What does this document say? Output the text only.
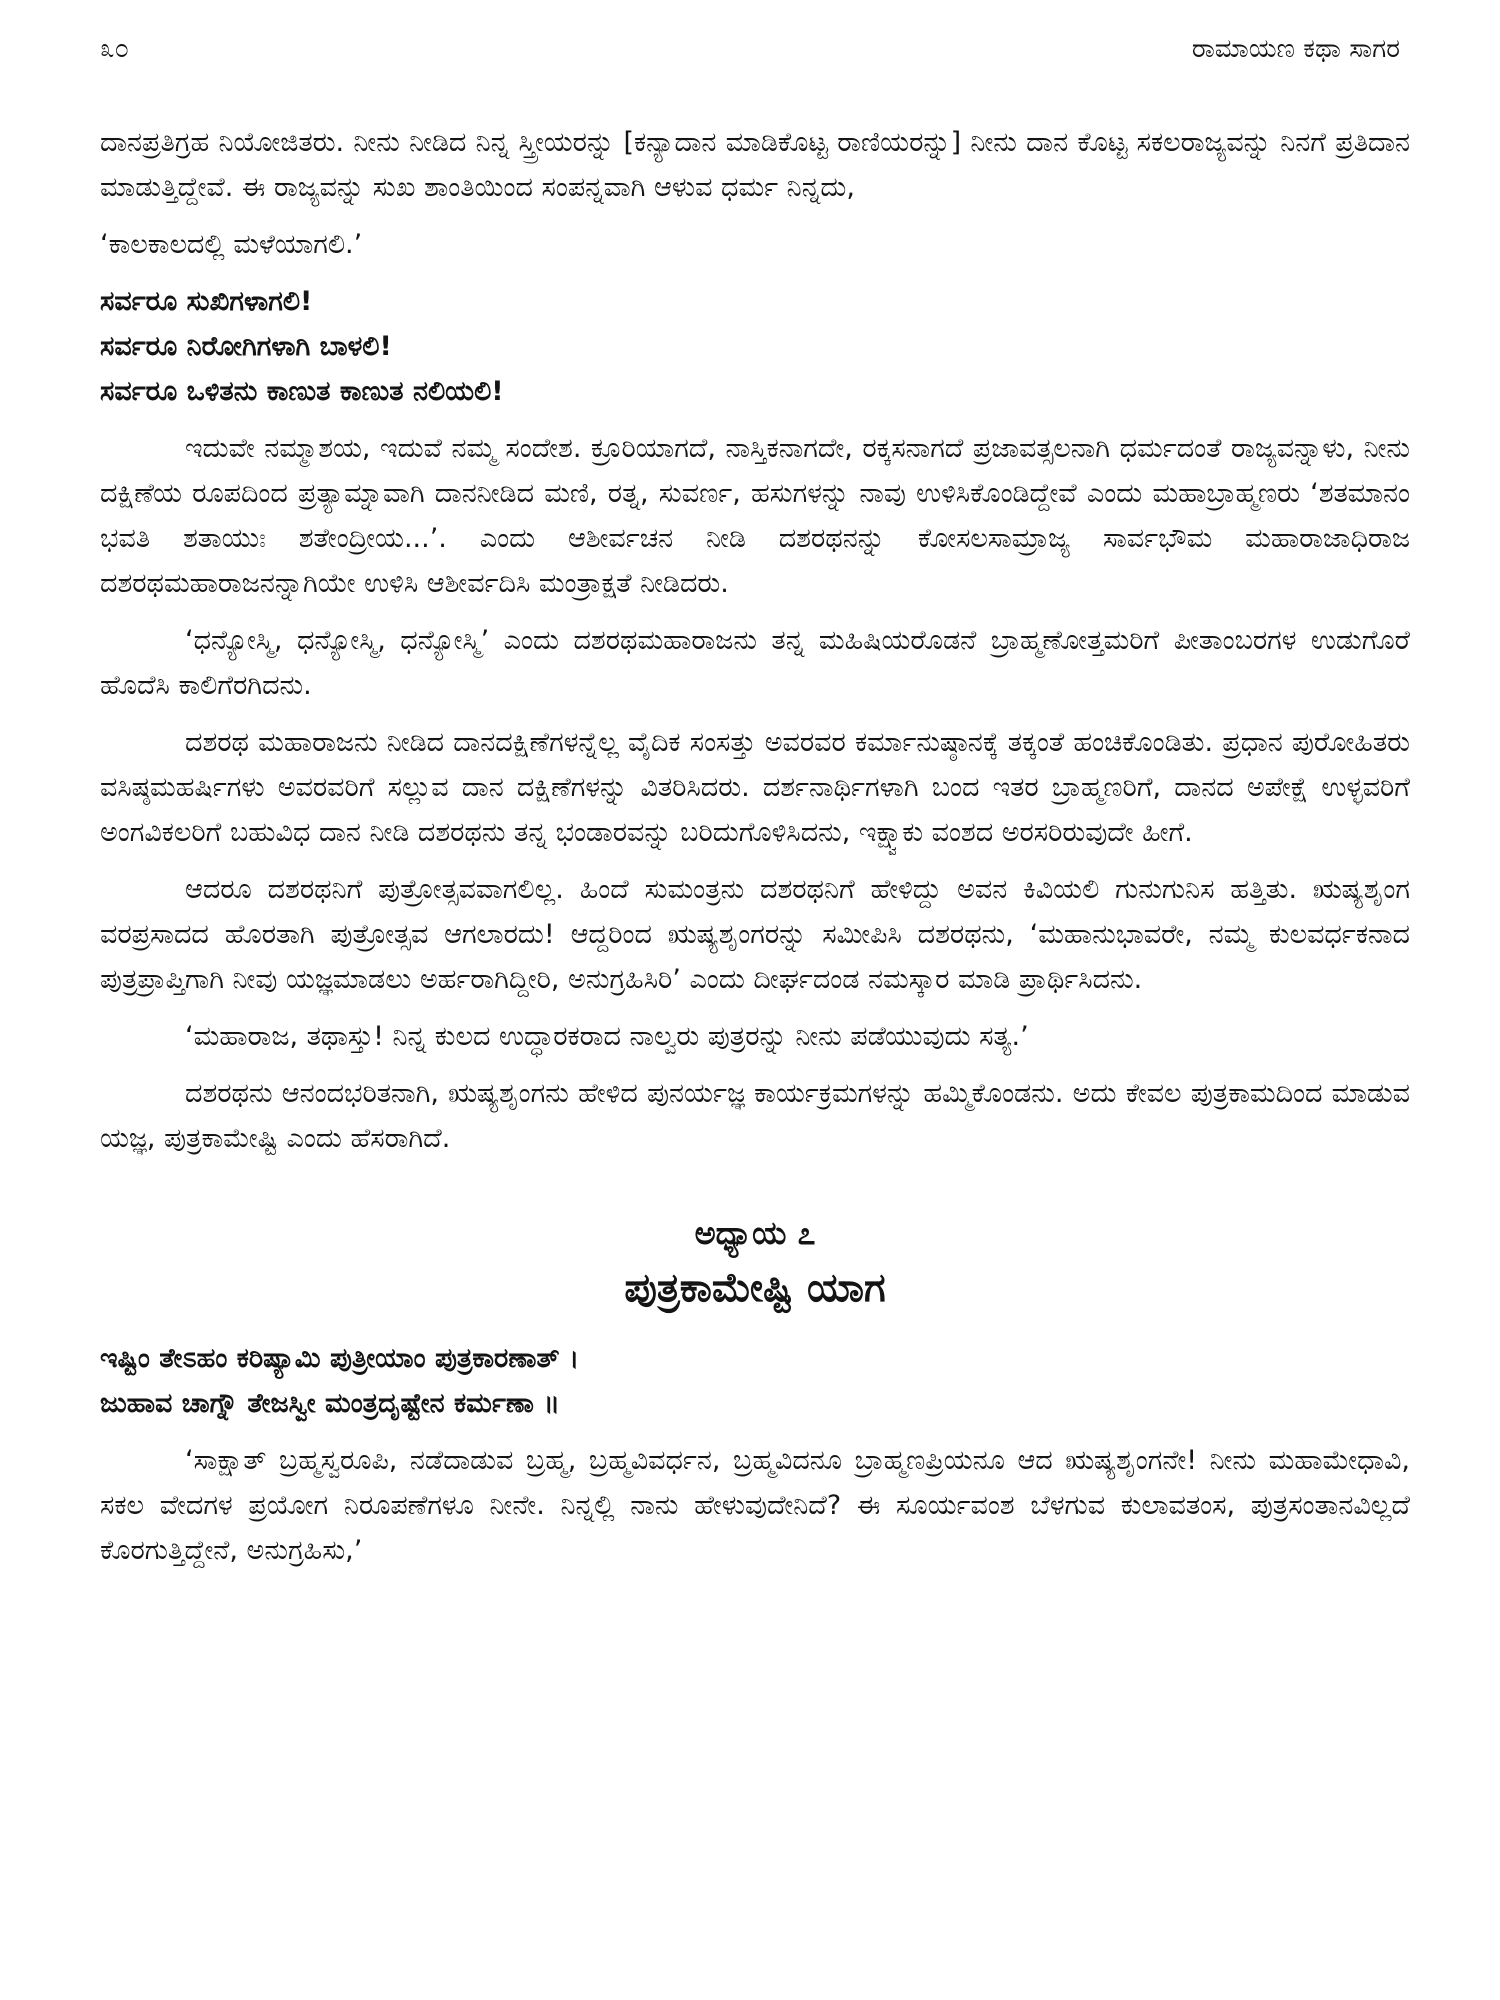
೩೦	ರಾಮಾಯಣ ಕಥಾ ಸಾಗರ

ದಾನಪ್ರತಿಗ್ರಹ ನಿಯೋಜಿತರು. ನೀನು ನೀಡಿದ ನಿನ್ನ ಸ್ತ್ರೀಯರನ್ನು [ಕನ್ಯಾದಾನ ಮಾಡಿಕೊಟ್ಟ ರಾಣಿಯರನ್ನು] ನೀನು ದಾನ ಕೊಟ್ಟ ಸಕಲರಾಜ್ಯವನ್ನು ನಿನಗೆ ಪ್ರತಿದಾನ ಮಾಡುತ್ತಿದ್ದೇವೆ. ಈ ರಾಜ್ಯವನ್ನು ಸುಖ ಶಾಂತಿಯಿಂದ ಸಂಪನ್ನವಾಗಿ ಆಳುವ ಧರ್ಮ ನಿನ್ನದು,

‘ಕಾಲಕಾಲದಲ್ಲಿ ಮಳೆಯಾಗಲಿ.’

ಸರ್ವರೂ ಸುಖಿಗಳಾಗಲಿ!
ಸರ್ವರೂ ನಿರೋಗಿಗಳಾಗಿ ಬಾಳಲಿ!
ಸರ್ವರೂ ಒಳಿತನು ಕಾಣುತ ಕಾಣುತ ನಲಿಯಲಿ!

ಇದುವೇ ನಮ್ಮಾಶಯ, ಇದುವೆ ನಮ್ಮ ಸಂದೇಶ. ಕ್ರೂರಿಯಾಗದೆ, ನಾಸ್ತಿಕನಾಗದೇ, ರಕ್ಕಸನಾಗದೆ ಪ್ರಜಾವತ್ಸಲನಾಗಿ ಧರ್ಮದಂತೆ ರಾಜ್ಯವನ್ನಾಳು, ನೀನು ದಕ್ಷಿಣೆಯ ರೂಪದಿಂದ ಪ್ರತ್ಯಾಮ್ನಾವಾಗಿ ದಾನನೀಡಿದ ಮಣಿ, ರತ್ನ, ಸುವರ್ಣ, ಹಸುಗಳನ್ನು ನಾವು ಉಳಿಸಿಕೊಂಡಿದ್ದೇವೆ ಎಂದು ಮಹಾಬ್ರಾಹ್ಮಣರು ‘ಶತಮಾನಂ ಭವತಿ ಶತಾಯುಃ ಶತೇಂದ್ರೀಯ...’. ಎಂದು ಆಶೀರ್ವಚನ ನೀಡಿ ದಶರಥನನ್ನು ಕೋಸಲಸಾಮ್ರಾಜ್ಯ ಸಾರ್ವಭೌಮ ಮಹಾರಾಜಾಧಿರಾಜ ದಶರಥಮಹಾರಾಜನನ್ನಾಗಿಯೇ ಉಳಿಸಿ ಆಶೀರ್ವದಿಸಿ ಮಂತ್ರಾಕ್ಷತೆ ನೀಡಿದರು.

‘ಧನ್ಯೋಸ್ಮಿ, ಧನ್ಯೋಸ್ಮಿ, ಧನ್ಯೋಸ್ಮಿ’ ಎಂದು ದಶರಥಮಹಾರಾಜನು ತನ್ನ ಮಹಿಷಿಯರೊಡನೆ ಬ್ರಾಹ್ಮಣೋತ್ತಮರಿಗೆ ಪೀತಾಂಬರಗಳ ಉಡುಗೊರೆ ಹೊದೆಸಿ ಕಾಲಿಗೆರಗಿದನು.

ದಶರಥ ಮಹಾರಾಜನು ನೀಡಿದ ದಾನದಕ್ಷಿಣೆಗಳನ್ನೆಲ್ಲ ವೈದಿಕ ಸಂಸತ್ತು ಅವರವರ ಕರ್ಮಾನುಷ್ಠಾನಕ್ಕೆ ತಕ್ಕಂತೆ ಹಂಚಿಕೊಂಡಿತು. ಪ್ರಧಾನ ಪುರೋಹಿತರು ವಸಿಷ್ಠಮಹರ್ಷಿಗಳು ಅವರವರಿಗೆ ಸಲ್ಲುವ ದಾನ ದಕ್ಷಿಣೆಗಳನ್ನು ವಿತರಿಸಿದರು. ದರ್ಶನಾರ್ಥಿಗಳಾಗಿ ಬಂದ ಇತರ ಬ್ರಾಹ್ಮಣರಿಗೆ, ದಾನದ ಅಪೇಕ್ಷೆ ಉಳ್ಳವರಿಗೆ ಅಂಗವಿಕಲರಿಗೆ ಬಹುವಿಧ ದಾನ ನೀಡಿ ದಶರಥನು ತನ್ನ ಭಂಡಾರವನ್ನು ಬರಿದುಗೊಳಿಸಿದನು, ಇಕ್ಷ್ವಾಕು ವಂಶದ ಅರಸರಿರುವುದೇ ಹೀಗೆ.

ಆದರೂ ದಶರಥನಿಗೆ ಪುತ್ರೋತ್ಸವವಾಗಲಿಲ್ಲ. ಹಿಂದೆ ಸುಮಂತ್ರನು ದಶರಥನಿಗೆ ಹೇಳಿದ್ದು ಅವನ ಕಿವಿಯಲಿ ಗುನುಗುನಿಸ ಹತ್ತಿತು. ಋಷ್ಯಶೃಂಗ ವರಪ್ರಸಾದದ ಹೊರತಾಗಿ ಪುತ್ರೋತ್ಸವ ಆಗಲಾರದು! ಆದ್ದರಿಂದ ಋಷ್ಯಶೃಂಗರನ್ನು ಸಮೀಪಿಸಿ ದಶರಥನು, ‘ಮಹಾನುಭಾವರೇ, ನಮ್ಮ ಕುಲವರ್ಧಕನಾದ ಪುತ್ರಪ್ರಾಪ್ತಿಗಾಗಿ ನೀವು ಯಜ್ಞಮಾಡಲು ಅರ್ಹರಾಗಿದ್ದೀರಿ, ಅನುಗ್ರಹಿಸಿರಿ’ ಎಂದು ದೀರ್ಘದಂಡ ನಮಸ್ಕಾರ ಮಾಡಿ ಪ್ರಾರ್ಥಿಸಿದನು.

‘ಮಹಾರಾಜ, ತಥಾಸ್ತು! ನಿನ್ನ ಕುಲದ ಉದ್ಧಾರಕರಾದ ನಾಲ್ವರು ಪುತ್ರರನ್ನು ನೀನು ಪಡೆಯುವುದು ಸತ್ಯ.’

ದಶರಥನು ಆನಂದಭರಿತನಾಗಿ, ಋಷ್ಯಶೃಂಗನು ಹೇಳಿದ ಪುನರ್ಯಜ್ಞ ಕಾರ್ಯಕ್ರಮಗಳನ್ನು ಹಮ್ಮಿಕೊಂಡನು. ಅದು ಕೇವಲ ಪುತ್ರಕಾಮದಿಂದ ಮಾಡುವ ಯಜ್ಞ, ಪುತ್ರಕಾಮೇಷ್ಟಿ ಎಂದು ಹೆಸರಾಗಿದೆ.

ಅಧ್ಯಾಯ ೭
ಪುತ್ರಕಾಮೇಷ್ಟಿ ಯಾಗ

ಇಷ್ಟಿಂ ತೇಽಹಂ ಕರಿಷ್ಯಾಮಿ ಪುತ್ರೀಯಾಂ ಪುತ್ರಕಾರಣಾತ್ ।
ಜುಹಾವ ಚಾಗ್ನೌ ತೇಜಸ್ವೀ ಮಂತ್ರದೃಷ್ಟೇನ ಕರ್ಮಣಾ ॥

‘ಸಾಕ್ಷಾತ್ ಬ್ರಹ್ಮಸ್ವರೂಪಿ, ನಡೆದಾಡುವ ಬ್ರಹ್ಮ, ಬ್ರಹ್ಮವಿವರ್ಧನ, ಬ್ರಹ್ಮವಿದನೂ ಬ್ರಾಹ್ಮಣಪ್ರಿಯನೂ ಆದ ಋಷ್ಯಶೃಂಗನೇ! ನೀನು ಮಹಾಮೇಧಾವಿ, ಸಕಲ ವೇದಗಳ ಪ್ರಯೋಗ ನಿರೂಪಣೆಗಳೂ ನೀನೇ. ನಿನ್ನಲ್ಲಿ ನಾನು ಹೇಳುವುದೇನಿದೆ? ಈ ಸೂರ್ಯವಂಶ ಬೆಳಗುವ ಕುಲಾವತಂಸ, ಪುತ್ರಸಂತಾನವಿಲ್ಲದೆ ಕೊರಗುತ್ತಿದ್ದೇನೆ, ಅನುಗ್ರಹಿಸು,’
